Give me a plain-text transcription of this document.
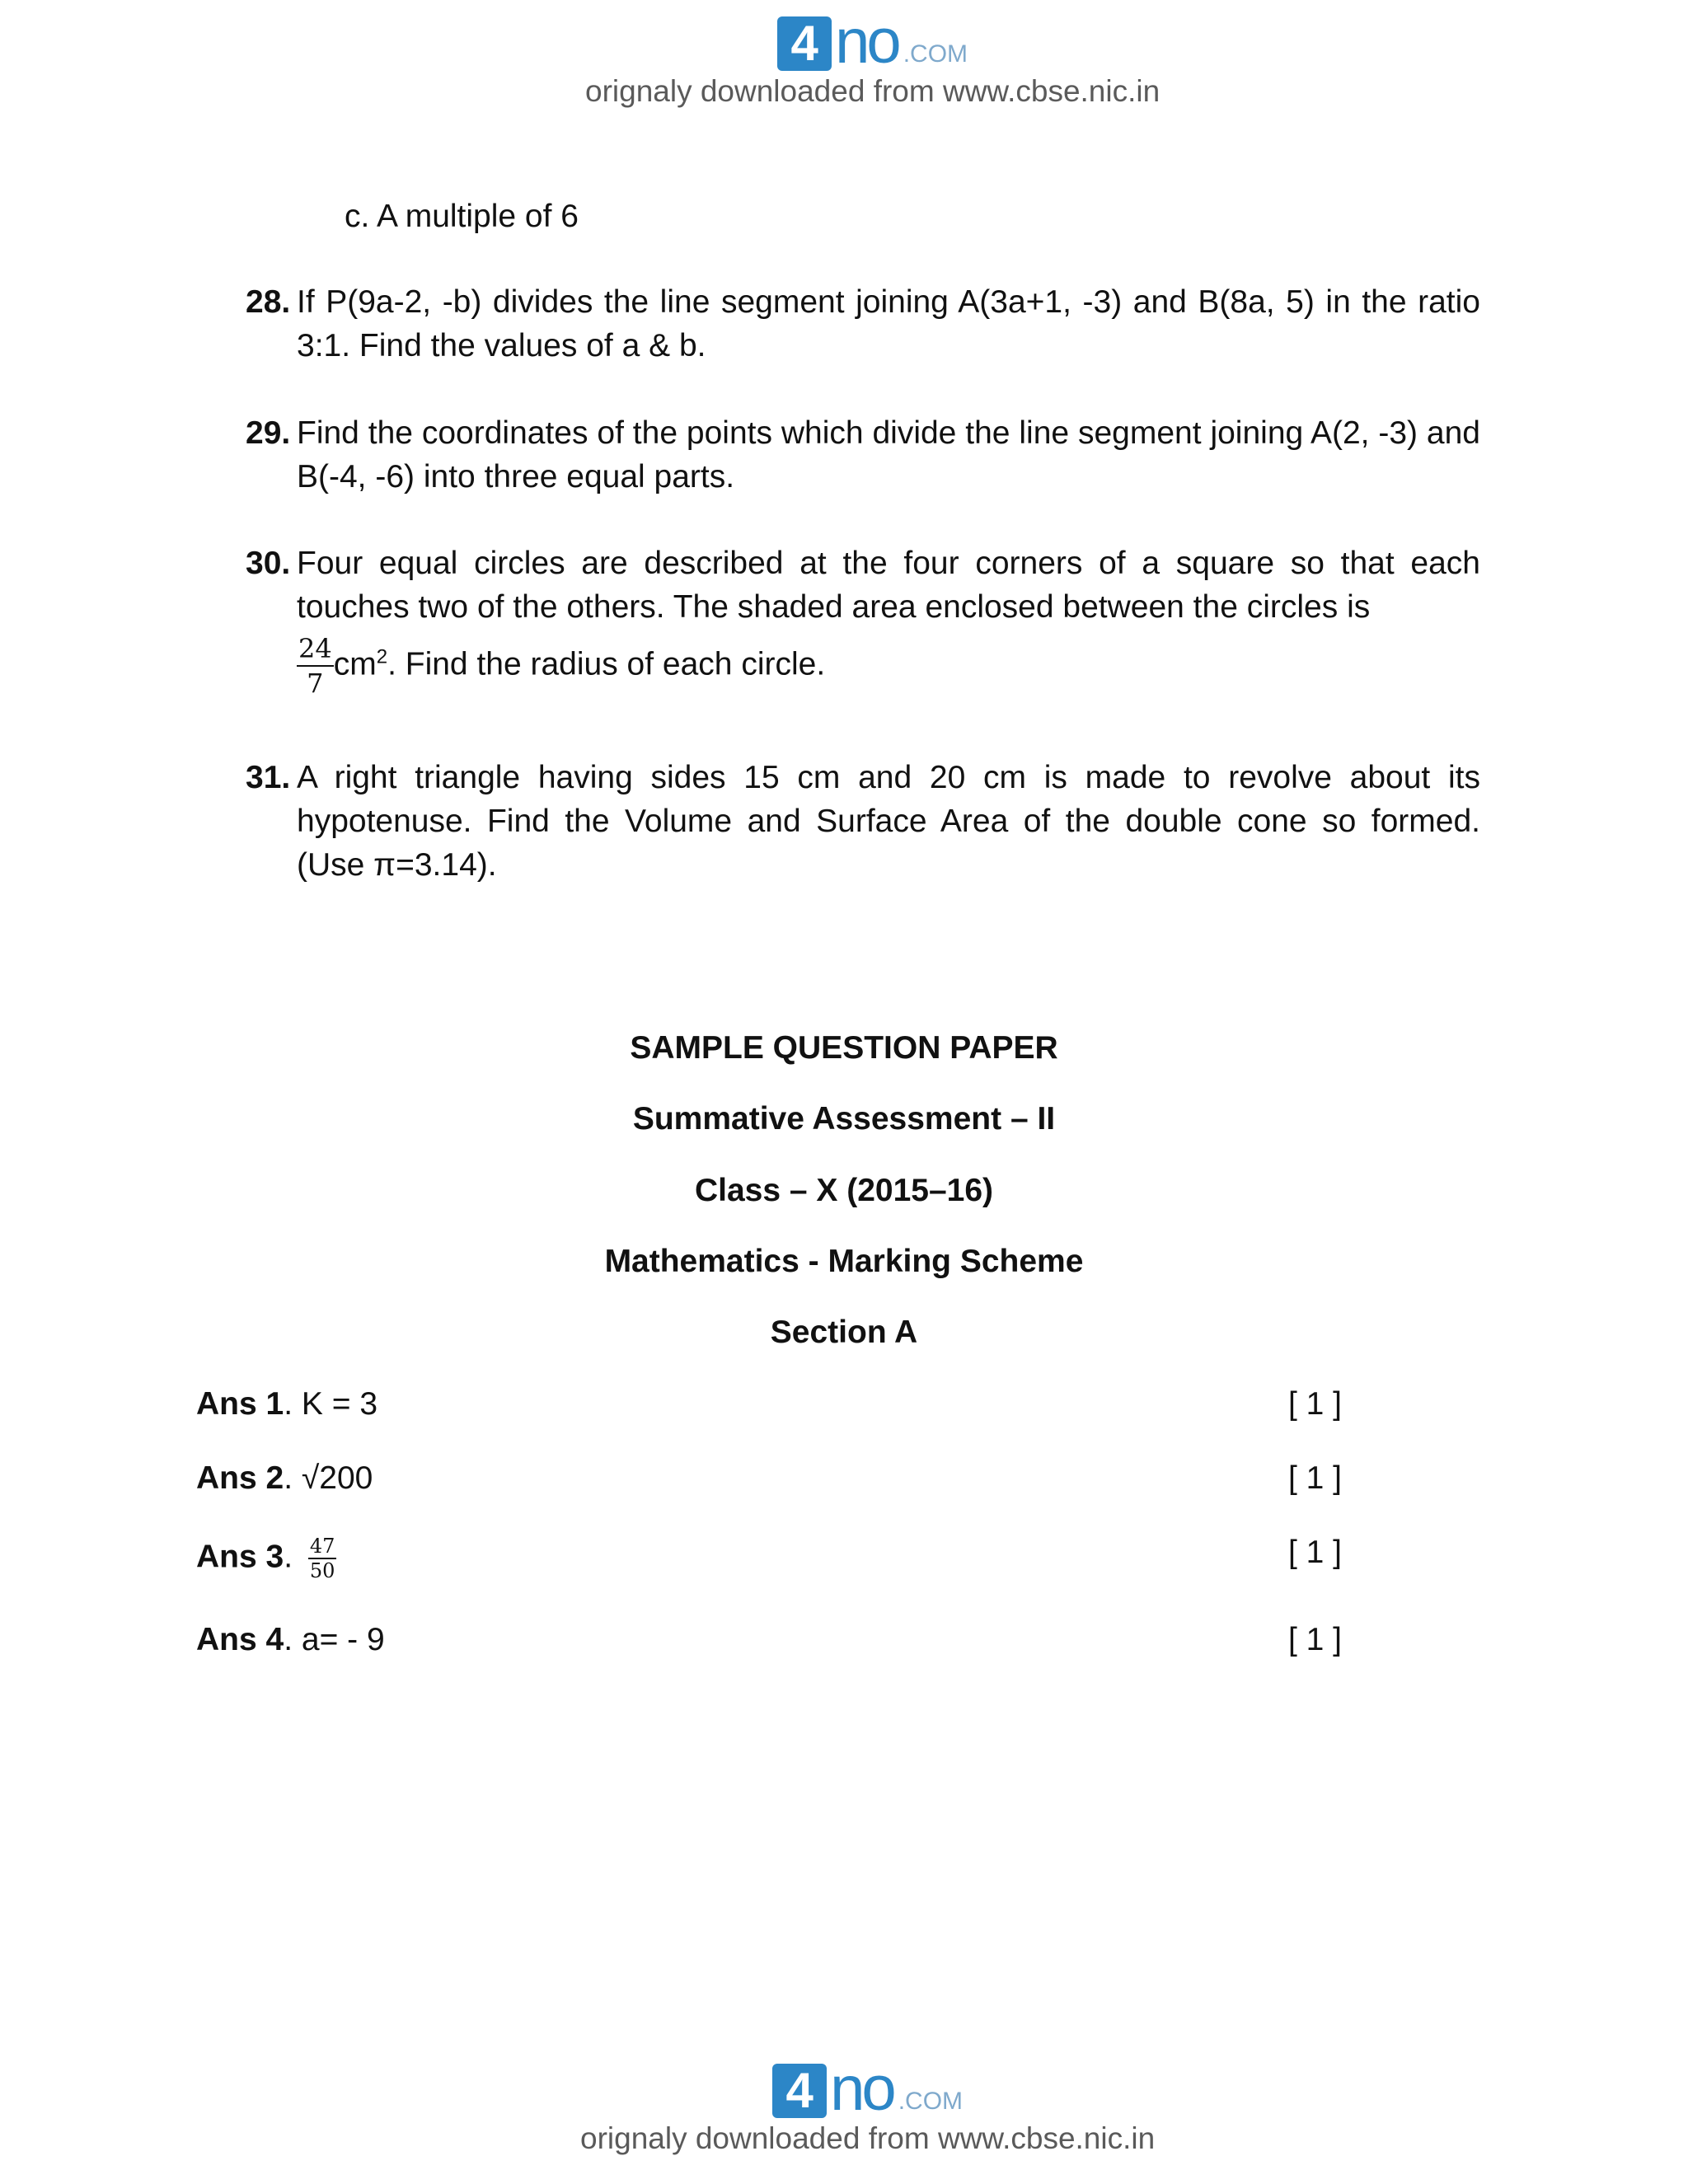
4 no .COM
orignaly downloaded from www.cbse.nic.in
c. A multiple of 6
28. If P(9a-2, -b) divides the line segment joining A(3a+1, -3) and B(8a, 5) in the ratio 3:1. Find the values of a & b.
29. Find the coordinates of the points which divide the line segment joining A(2, -3) and B(-4, -6) into three equal parts.
30. Four equal circles are described at the four corners of a square so that each touches two of the others. The shaded area enclosed between the circles is
$\frac{24}{7} cm^2$. Find the radius of each circle.
31. A right triangle having sides 15 cm and 20 cm is made to revolve about its hypotenuse. Find the Volume and Surface Area of the double cone so formed. (Use π=3.14).
SAMPLE QUESTION PAPER
Summative Assessment – II
Class – X (2015–16)
Mathematics - Marking Scheme
Section A
Ans 1. K = 3	[ 1 ]
Ans 2. √200	[ 1 ]
Ans 3. $\frac{47}{50}$	[ 1 ]
Ans 4. a= - 9	[ 1 ]
4 no .COM
orignaly downloaded from www.cbse.nic.in
